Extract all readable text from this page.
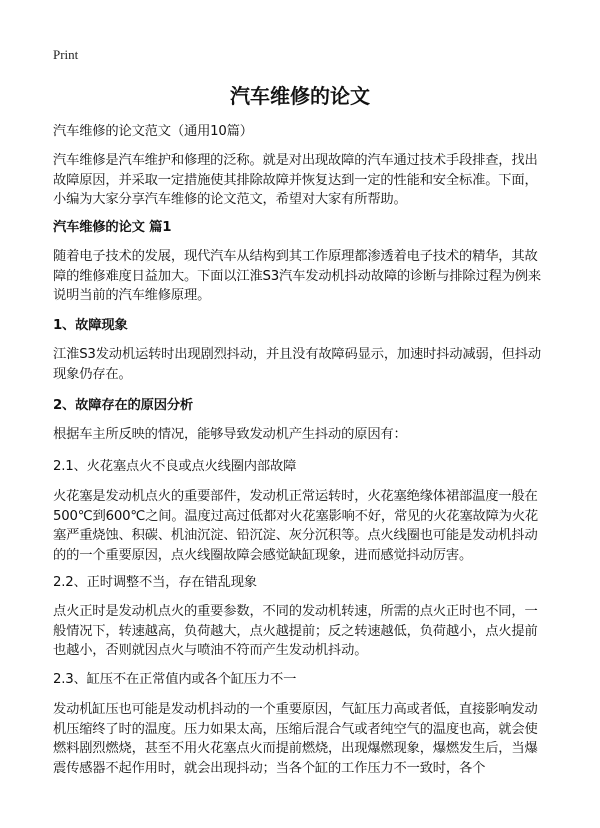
Print
汽车维修的论文

汽车维修的论文范文（通用10篇）

汽车维修是汽车维护和修理的泛称。就是对出现故障的汽车通过技术手段排查，找出故障原因，并采取一定措施使其排除故障并恢复达到一定的性能和安全标准。下面，小编为大家分享汽车维修的论文范文，希望对大家有所帮助。

汽车维修的论文 篇1

随着电子技术的发展，现代汽车从结构到其工作原理都渗透着电子技术的精华，其故障的维修难度日益加大。下面以江淮S3汽车发动机抖动故障的诊断与排除过程为例来说明当前的汽车维修原理。

1、故障现象

江淮S3发动机运转时出现剧烈抖动，并且没有故障码显示，加速时抖动减弱，但抖动现象仍存在。

2、故障存在的原因分析

根据车主所反映的情况，能够导致发动机产生抖动的原因有：

2.1、火花塞点火不良或点火线圈内部故障

火花塞是发动机点火的重要部件，发动机正常运转时，火花塞绝缘体裙部温度一般在500℃到600℃之间。温度过高过低都对火花塞影响不好，常见的火花塞故障为火花塞严重烧蚀、积碳、机油沉淀、铅沉淀、灰分沉积等。点火线圈也可能是发动机抖动的的一个重要原因，点火线圈故障会感觉缺缸现象，进而感觉抖动厉害。

2.2、正时调整不当，存在错乱现象

点火正时是发动机点火的重要参数，不同的发动机转速，所需的点火正时也不同，一般情况下，转速越高，负荷越大，点火越提前；反之转速越低，负荷越小，点火提前也越小，否则就因点火与喷油不符而产生发动机抖动。

2.3、缸压不在正常值内或各个缸压力不一

发动机缸压也可能是发动机抖动的一个重要原因，气缸压力高或者低，直接影响发动机压缩终了时的温度。压力如果太高，压缩后混合气或者纯空气的温度也高，就会使燃料剧烈燃烧，甚至不用火花塞点火而提前燃烧，出现爆燃现象，爆燃发生后，当爆震传感器不起作用时，就会出现抖动；当各个缸的工作压力不一致时，各个
